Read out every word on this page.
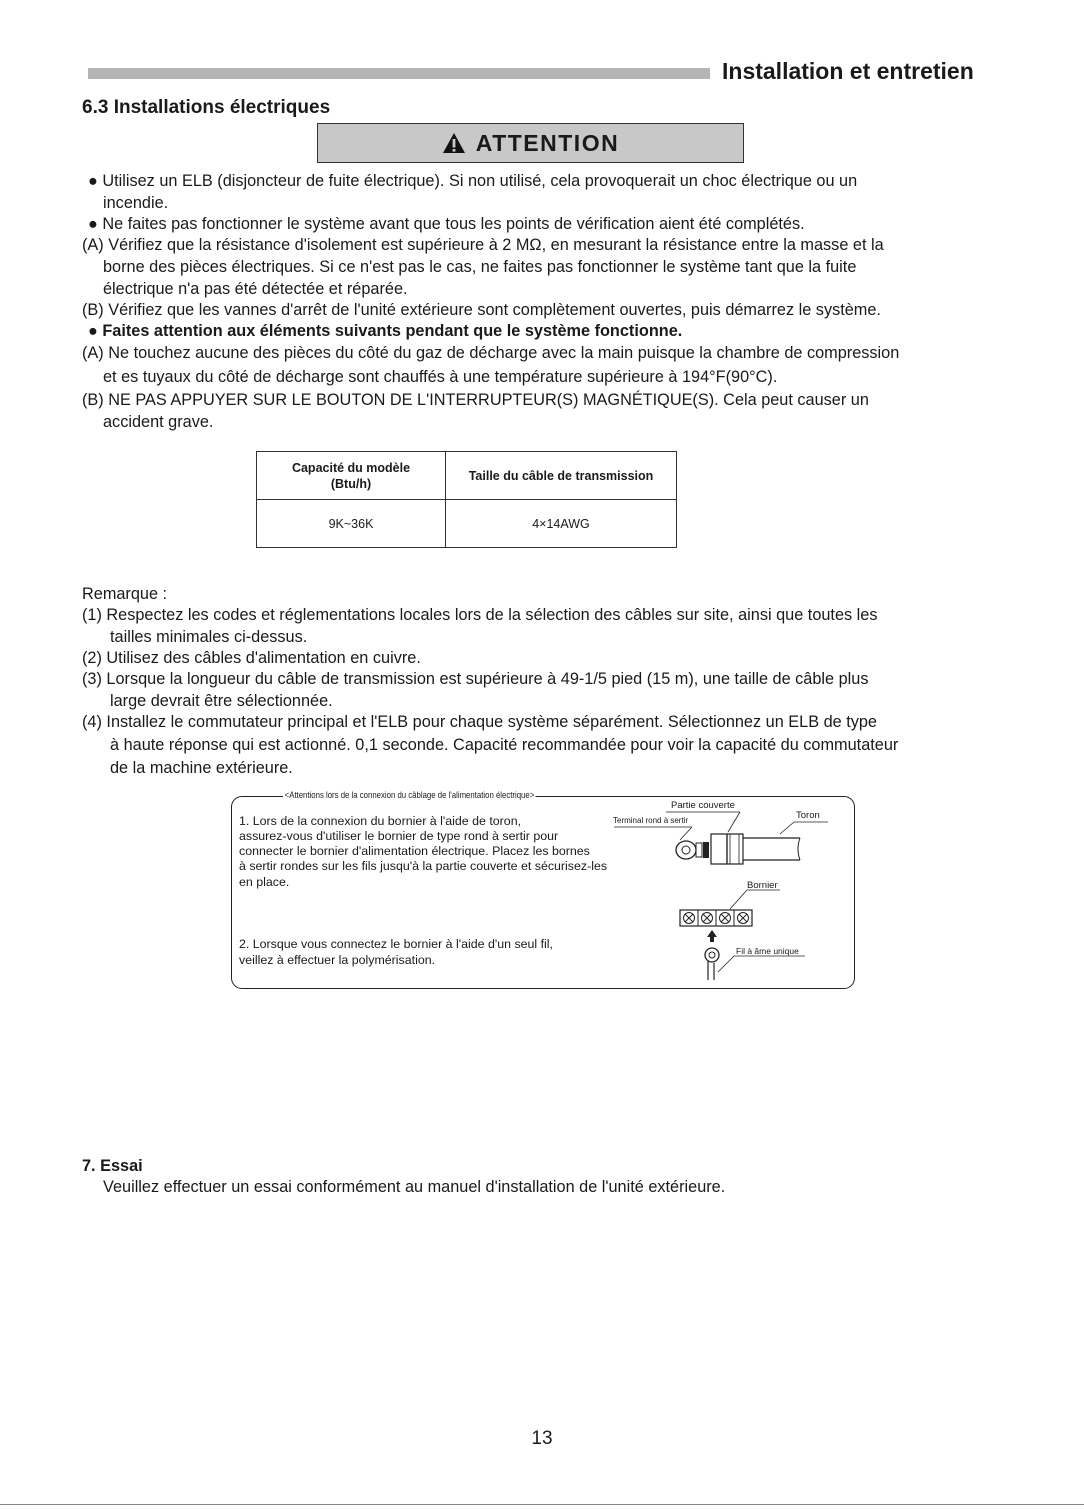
Installation et entretien
6.3 Installations électriques
ATTENTION
● Utilisez un ELB (disjoncteur de fuite électrique). Si non utilisé, cela provoquerait un choc électrique ou un
incendie.
● Ne faites pas fonctionner le système avant que tous les points de vérification aient été complétés.
(A) Vérifiez que la résistance d'isolement est supérieure à 2 MΩ, en mesurant la résistance entre la masse et la
borne des pièces électriques. Si ce n'est pas le cas, ne faites pas fonctionner le système tant que la fuite
électrique n'a pas été détectée et réparée.
(B) Vérifiez que les vannes d'arrêt de l'unité extérieure sont complètement ouvertes, puis démarrez le système.
● Faites attention aux éléments suivants pendant que le système fonctionne.
(A) Ne touchez aucune des pièces du côté du gaz de décharge avec la main puisque la chambre de compression
et es tuyaux du côté de décharge sont chauffés à une température supérieure à 194°F(90°C).
(B) NE PAS APPUYER SUR LE BOUTON DE L'INTERRUPTEUR(S) MAGNÉTIQUE(S). Cela peut causer un
accident grave.
Capacité du modèle
(Btu/h)	Taille du câble de transmission
9K~36K	4×14AWG
Remarque :
(1) Respectez les codes et réglementations locales lors de la sélection des câbles sur site, ainsi que toutes les
tailles minimales ci-dessus.
(2) Utilisez des câbles d'alimentation en cuivre.
(3) Lorsque la longueur du câble de transmission est supérieure à 49-1/5 pied (15 m), une taille de câble plus
large devrait être sélectionnée.
(4) Installez le commutateur principal et l'ELB pour chaque système séparément. Sélectionnez un ELB de type
à haute réponse qui est actionné. 0,1 seconde. Capacité recommandée pour voir la capacité du commutateur
de la machine extérieure.
<Attentions lors de la connexion du câblage de l'alimentation électrique>
1. Lors de la connexion du bornier à l'aide de toron,
assurez-vous d'utiliser le bornier de type rond à sertir pour
connecter le bornier d'alimentation électrique. Placez les bornes
à sertir rondes sur les fils jusqu'à la partie couverte et sécurisez-les
en place.
2. Lorsque vous connectez le bornier à l'aide d'un seul fil,
veillez à effectuer la polymérisation.
Partie couverte
Terminal rond à sertir	Toron
Bornier
Fil à âme unique
7. Essai
Veuillez effectuer un essai conformément au manuel d'installation de l'unité extérieure.
13
